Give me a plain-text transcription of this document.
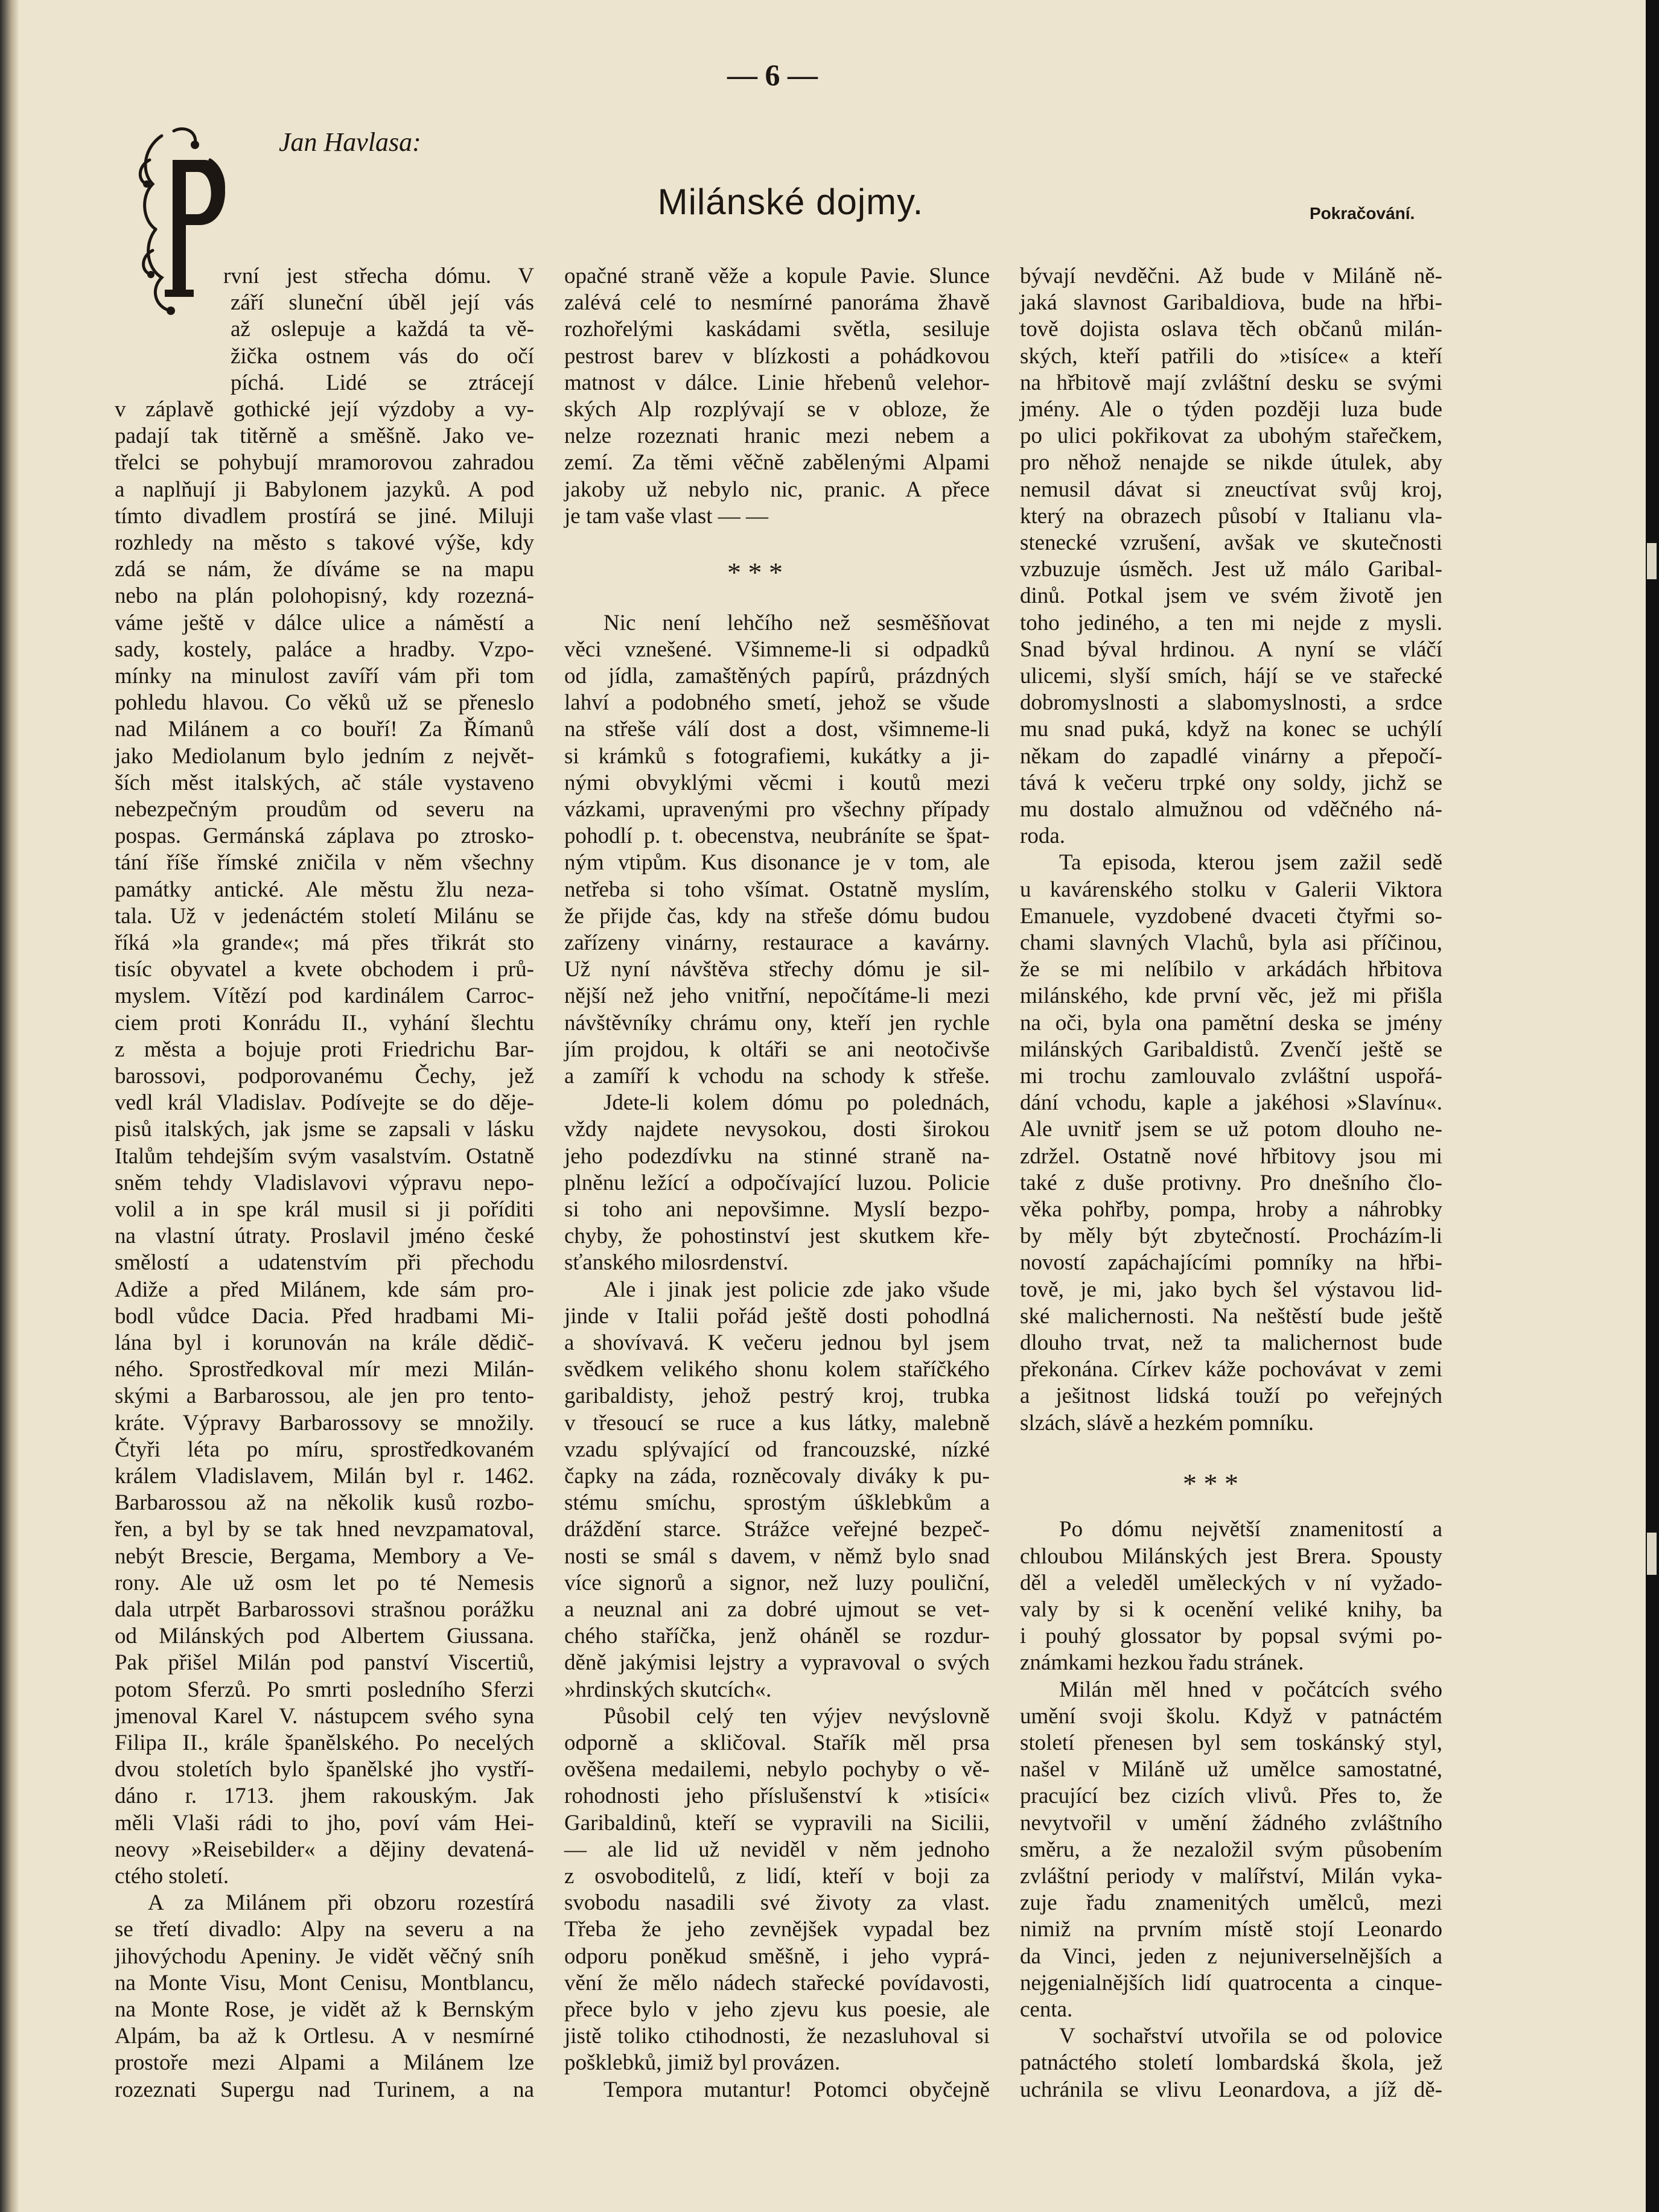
— 6 —
Jan Havlasa:
Milánské dojmy.	Pokračování.
P
rvní jest střecha dómu. V
září sluneční úběl její vás
až oslepuje a každá ta vě-
žička ostnem vás do očí
píchá. Lidé se ztrácejí
v záplavě gothické její výzdoby a vy-
padají tak titěrně a směšně. Jako ve-
třelci se pohybují mramorovou zahradou
a naplňují ji Babylonem jazyků. A pod
tímto divadlem prostírá se jiné. Miluji
rozhledy na město s takové výše, kdy
zdá se nám, že díváme se na mapu
nebo na plán polohopisný, kdy rozezná-
váme ještě v dálce ulice a náměstí a
sady, kostely, paláce a hradby. Vzpo-
mínky na minulost zavíří vám při tom
pohledu hlavou. Co věků už se přeneslo
nad Milánem a co bouří! Za Římanů
jako Mediolanum bylo jedním z největ-
ších měst italských, ač stále vystaveno
nebezpečným proudům od severu na
pospas. Germánská záplava po ztrosko-
tání říše římské zničila v něm všechny
památky antické. Ale městu žlu neza-
tala. Už v jedenáctém století Milánu se
říká »la grande«; má přes třikrát sto
tisíc obyvatel a kvete obchodem i prů-
myslem. Vítězí pod kardinálem Carroc-
ciem proti Konrádu II., vyhání šlechtu
z města a bojuje proti Friedrichu Bar-
barossovi, podporovanému Čechy, jež
vedl král Vladislav. Podívejte se do děje-
pisů italských, jak jsme se zapsali v lásku
Italům tehdejším svým vasalstvím. Ostatně
sněm tehdy Vladislavovi výpravu nepo-
volil a in spe král musil si ji poříditi
na vlastní útraty. Proslavil jméno české
smělostí a udatenstvím při přechodu
Adiže a před Milánem, kde sám pro-
bodl vůdce Dacia. Před hradbami Mi-
lána byl i korunován na krále dědič-
ného. Sprostředkoval mír mezi Milán-
skými a Barbarossou, ale jen pro tento-
kráte. Výpravy Barbarossovy se množily.
Čtyři léta po míru, sprostředkovaném
králem Vladislavem, Milán byl r. 1462.
Barbarossou až na několik kusů rozbo-
řen, a byl by se tak hned nevzpamatoval,
nebýt Brescie, Bergama, Membory a Ve-
rony. Ale už osm let po té Nemesis
dala utrpět Barbarossovi strašnou porážku
od Milánských pod Albertem Giussana.
Pak přišel Milán pod panství Viscertiů,
potom Sferzů. Po smrti posledního Sferzi
jmenoval Karel V. nástupcem svého syna
Filipa II., krále španělského. Po necelých
dvou stoletích bylo španělské jho vystří-
dáno r. 1713. jhem rakouským. Jak
měli Vlaši rádi to jho, poví vám Hei-
neovy »Reisebilder« a dějiny devatená-
ctého století.
A za Milánem při obzoru rozestírá
se třetí divadlo: Alpy na severu a na
jihovýchodu Apeniny. Je vidět věčný sníh
na Monte Visu, Mont Cenisu, Montblancu,
na Monte Rose, je vidět až k Bernským
Alpám, ba až k Ortlesu. A v nesmírné
prostoře mezi Alpami a Milánem lze
rozeznati Supergu nad Turinem, a na
opačné straně věže a kopule Pavie. Slunce
zalévá celé to nesmírné panoráma žhavě
rozhořelými kaskádami světla, sesiluje
pestrost barev v blízkosti a pohádkovou
matnost v dálce. Linie hřebenů velehor-
ských Alp rozplývají se v obloze, že
nelze rozeznati hranic mezi nebem a
zemí. Za těmi věčně zabělenými Alpami
jakoby už nebylo nic, pranic. A přece
je tam vaše vlast — —
Nic není lehčího než sesměšňovat
věci vznešené. Všimneme-li si odpadků
od jídla, zamaštěných papírů, prázdných
lahví a podobného smetí, jehož se všude
na střeše válí dost a dost, všimneme-li
si krámků s fotografiemi, kukátky a ji-
nými obvyklými věcmi i koutů mezi
vázkami, upravenými pro všechny případy
pohodlí p. t. obecenstva, neubráníte se špat-
ným vtipům. Kus disonance je v tom, ale
netřeba si toho všímat. Ostatně myslím,
že přijde čas, kdy na střeše dómu budou
zařízeny vinárny, restaurace a kavárny.
Už nyní návštěva střechy dómu je sil-
nější než jeho vnitřní, nepočítáme-li mezi
návštěvníky chrámu ony, kteří jen rychle
jím projdou, k oltáři se ani neotočivše
a zamíří k vchodu na schody k střeše.
Jdete-li kolem dómu po polednách,
vždy najdete nevysokou, dosti širokou
jeho podezdívku na stinné straně na-
plněnu ležící a odpočívající luzou. Policie
si toho ani nepovšimne. Myslí bezpo-
chyby, že pohostinství jest skutkem kře-
sťanského milosrdenství.
Ale i jinak jest policie zde jako všude
jinde v Italii pořád ještě dosti pohodlná
a shovívavá. K večeru jednou byl jsem
svědkem velikého shonu kolem staříčkého
garibaldisty, jehož pestrý kroj, trubka
v třesoucí se ruce a kus látky, malebně
vzadu splývající od francouzské, nízké
čapky na záda, rozněcovaly diváky k pu-
stému smíchu, sprostým úšklebkům a
dráždění starce. Strážce veřejné bezpeč-
nosti se smál s davem, v němž bylo snad
více signorů a signor, než luzy pouliční,
a neuznal ani za dobré ujmout se vet-
chého staříčka, jenž oháněl se rozdur-
děně jakýmisi lejstry a vypravoval o svých
»hrdinských skutcích«.
Působil celý ten výjev nevýslovně
odporně a skličoval. Stařík měl prsa
ověšena medailemi, nebylo pochyby o vě-
rohodnosti jeho příslušenství k »tisíci«
Garibaldinů, kteří se vypravili na Sicilii,
— ale lid už neviděl v něm jednoho
z osvoboditelů, z lidí, kteří v boji za
svobodu nasadili své životy za vlast.
Třeba že jeho zevnějšek vypadal bez
odporu poněkud směšně, i jeho vyprá-
vění že mělo nádech stařecké povídavosti,
přece bylo v jeho zjevu kus poesie, ale
jistě toliko ctihodnosti, že nezasluhoval si
pošklebků, jimiž byl provázen.
Tempora mutantur! Potomci obyčejně
bývají nevděčni. Až bude v Miláně ně-
jaká slavnost Garibaldiova, bude na hřbi-
tově dojista oslava těch občanů milán-
ských, kteří patřili do »tisíce« a kteří
na hřbitově mají zvláštní desku se svými
jmény. Ale o týden později luza bude
po ulici pokřikovat za ubohým stařečkem,
pro něhož nenajde se nikde útulek, aby
nemusil dávat si zneuctívat svůj kroj,
který na obrazech působí v Italianu vla-
stenecké vzrušení, avšak ve skutečnosti
vzbuzuje úsměch. Jest už málo Garibal-
dinů. Potkal jsem ve svém životě jen
toho jediného, a ten mi nejde z mysli.
Snad býval hrdinou. A nyní se vláčí
ulicemi, slyší smích, hájí se ve stařecké
dobromyslnosti a slabomyslnosti, a srdce
mu snad puká, když na konec se uchýlí
někam do zapadlé vinárny a přepočí-
tává k večeru trpké ony soldy, jichž se
mu dostalo almužnou od vděčného ná-
roda.
Ta episoda, kterou jsem zažil sedě
u kavárenského stolku v Galerii Viktora
Emanuele, vyzdobené dvaceti čtyřmi so-
chami slavných Vlachů, byla asi příčinou,
že se mi nelíbilo v arkádách hřbitova
milánského, kde první věc, jež mi přišla
na oči, byla ona pamětní deska se jmény
milánských Garibaldistů. Zvenčí ještě se
mi trochu zamlouvalo zvláštní uspořá-
dání vchodu, kaple a jakéhosi »Slavínu«.
Ale uvnitř jsem se už potom dlouho ne-
zdržel. Ostatně nové hřbitovy jsou mi
také z duše protivny. Pro dnešního člo-
věka pohřby, pompa, hroby a náhrobky
by měly být zbytečností. Procházím-li
novostí zapáchajícími pomníky na hřbi-
tově, je mi, jako bych šel výstavou lid-
ské malichernosti. Na neštěstí bude ještě
dlouho trvat, než ta malichernost bude
překonána. Církev káže pochovávat v zemi
a ješitnost lidská touží po veřejných
slzách, slávě a hezkém pomníku.
Po dómu největší znamenitostí a
chloubou Milánských jest Brera. Spousty
děl a veleděl uměleckých v ní vyžado-
valy by si k ocenění veliké knihy, ba
i pouhý glossator by popsal svými po-
známkami hezkou řadu stránek.
Milán měl hned v počátcích svého
umění svoji školu. Když v patnáctém
století přenesen byl sem toskánský styl,
našel v Miláně už umělce samostatné,
pracující bez cizích vlivů. Přes to, že
nevytvořil v umění žádného zvláštního
směru, a že nezaložil svým působením
zvláštní periody v malířství, Milán vyka-
zuje řadu znamenitých umělců, mezi
nimiž na prvním místě stojí Leonardo
da Vinci, jeden z nejuniverselnějších a
nejgenialnějších lidí quatrocenta a cinque-
centa.
V sochařství utvořila se od polovice
patnáctého století lombardská škola, jež
uchránila se vlivu Leonardova, a jíž dě-
* * *
* * *
